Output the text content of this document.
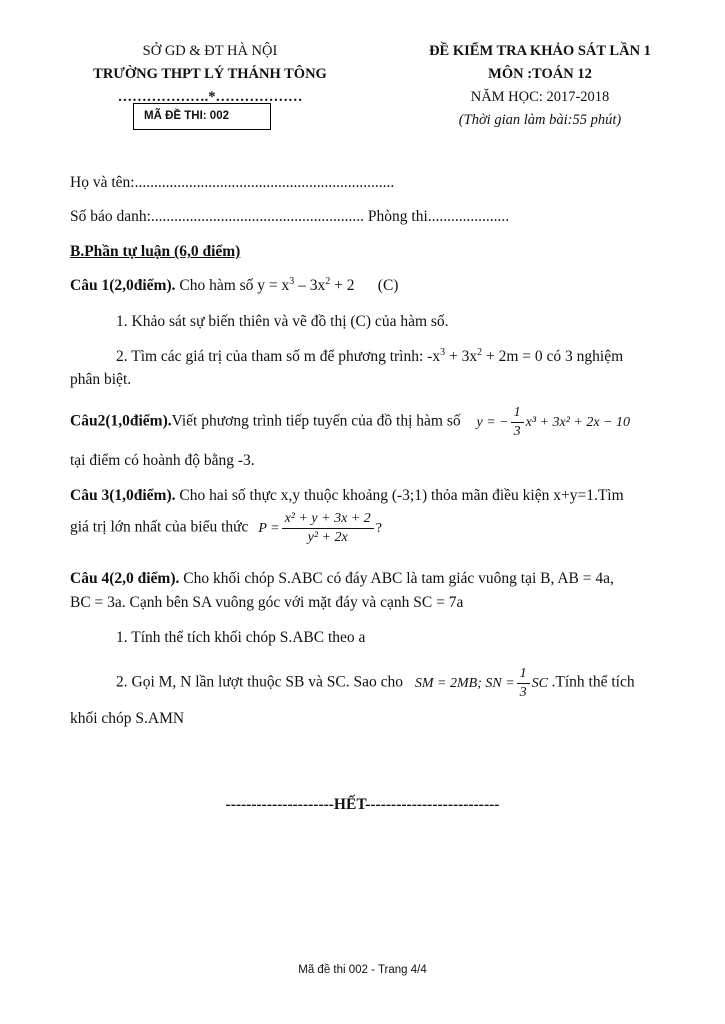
SỞ GD & ĐT HÀ NỘI
TRƯỜNG THPT LÝ THÁNH TÔNG
……………….*………………
MÃ ĐỀ THI: 002
ĐỀ KIỂM TRA KHẢO SÁT LẦN 1
MÔN :TOÁN 12
NĂM HỌC: 2017-2018
(Thời gian làm bài:55 phút)
Họ và tên:...................................................................
Số báo danh:....................................................... Phòng thi.....................
B.Phần tự luận (6,0 điểm)
Câu 1(2,0điểm). Cho hàm số $y = x^3 - 3x^2 + 2$      (C)
1. Khảo sát sự biến thiên và vẽ đồ thị (C) của hàm số.
2. Tìm các giá trị của tham số m để phương trình: $-x^3 + 3x^2 + 2m = 0$ có 3 nghiệm
phân biệt.
Câu2(1,0điểm).Viết phương trình tiếp tuyến của đồ thị hàm số y = − $\frac{1}{3} x^3 + 3x^2 + 2x - 10$
tại điểm có hoành độ bằng -3.
Câu 3(1,0điểm). Cho hai số thực x,y thuộc khoảng (-3;1) thỏa mãn điều kiện x+y=1.Tìm
giá trị lớn nhất của biểu thức $P = \frac{\text{x² + y + 3x + 2}}{\text{y² + 2x}}$ ?
Câu 4(2,0 điểm). Cho khối chóp S.ABC có đáy ABC là tam giác vuông tại B, AB = 4a,
BC = 3a. Cạnh bên SA vuông góc với mặt đáy và cạnh SC = 7a
1. Tính thể tích khối chóp S.ABC theo a
2. Gọi M, N lần lượt thuộc SB và SC. Sao cho SM = 2MB; SN = $\frac{1}{3}$ SC .Tính thể tích
khối chóp S.AMN
---------------------HẾT--------------------------
Mã đề thi 002 - Trang 4/4
